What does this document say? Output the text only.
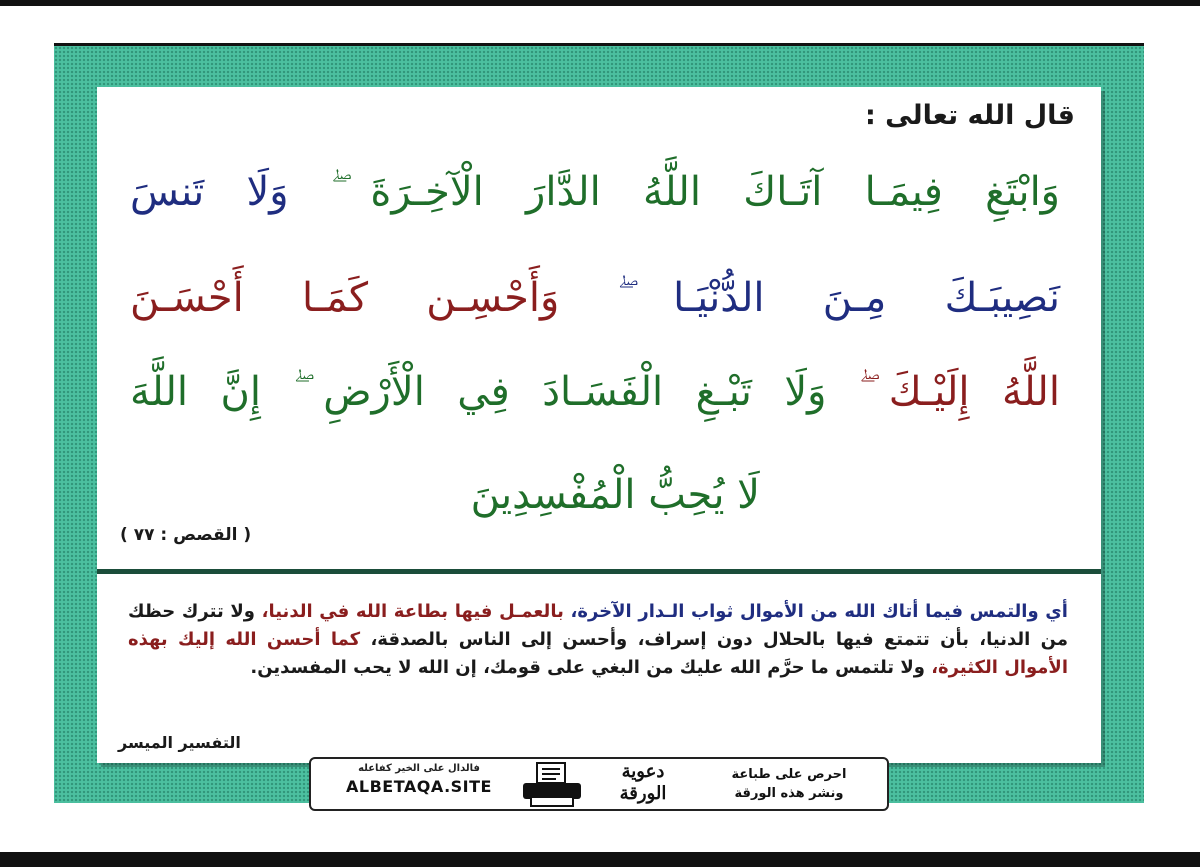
قال الله تعالى :
وَابْتَغِ فِيمَـا آتَـاكَ اللَّهُ الدَّارَ الْآخِـرَةَ ۖ وَلَا تَنسَ
نَصِيبَـكَ مِـنَ الدُّنْيَـا ۖ وَأَحْسِـن كَمَـا أَحْسَـنَ
اللَّهُ إِلَيْـكَ ۖ وَلَا تَبْـغِ الْفَسَـادَ فِي الْأَرْضِ ۖ إِنَّ اللَّهَ
لَا يُحِبُّ الْمُفْسِدِينَ
( القصص : ٧٧ )
أي والتمس فيما أتاك الله من الأموال ثواب الـدار الآخرة، بالعمـل فيها بطاعة الله في الدنيا، ولا تترك حظك من الدنيا، بأن تتمتع فيها بالحلال دون إسراف، وأحسن إلى الناس بالصدقة، كما أحسن الله إليك بهذه الأموال الكثيرة، ولا تلتمس ما حرَّم الله عليك من البغي على قومك، إن الله لا يحب المفسدين.
التفسير الميسر
فالدال على الخير كفاعله
ALBETAQA.SITE
دعوية
الورقة
احرص على طباعة
ونشر هذه الورقة
